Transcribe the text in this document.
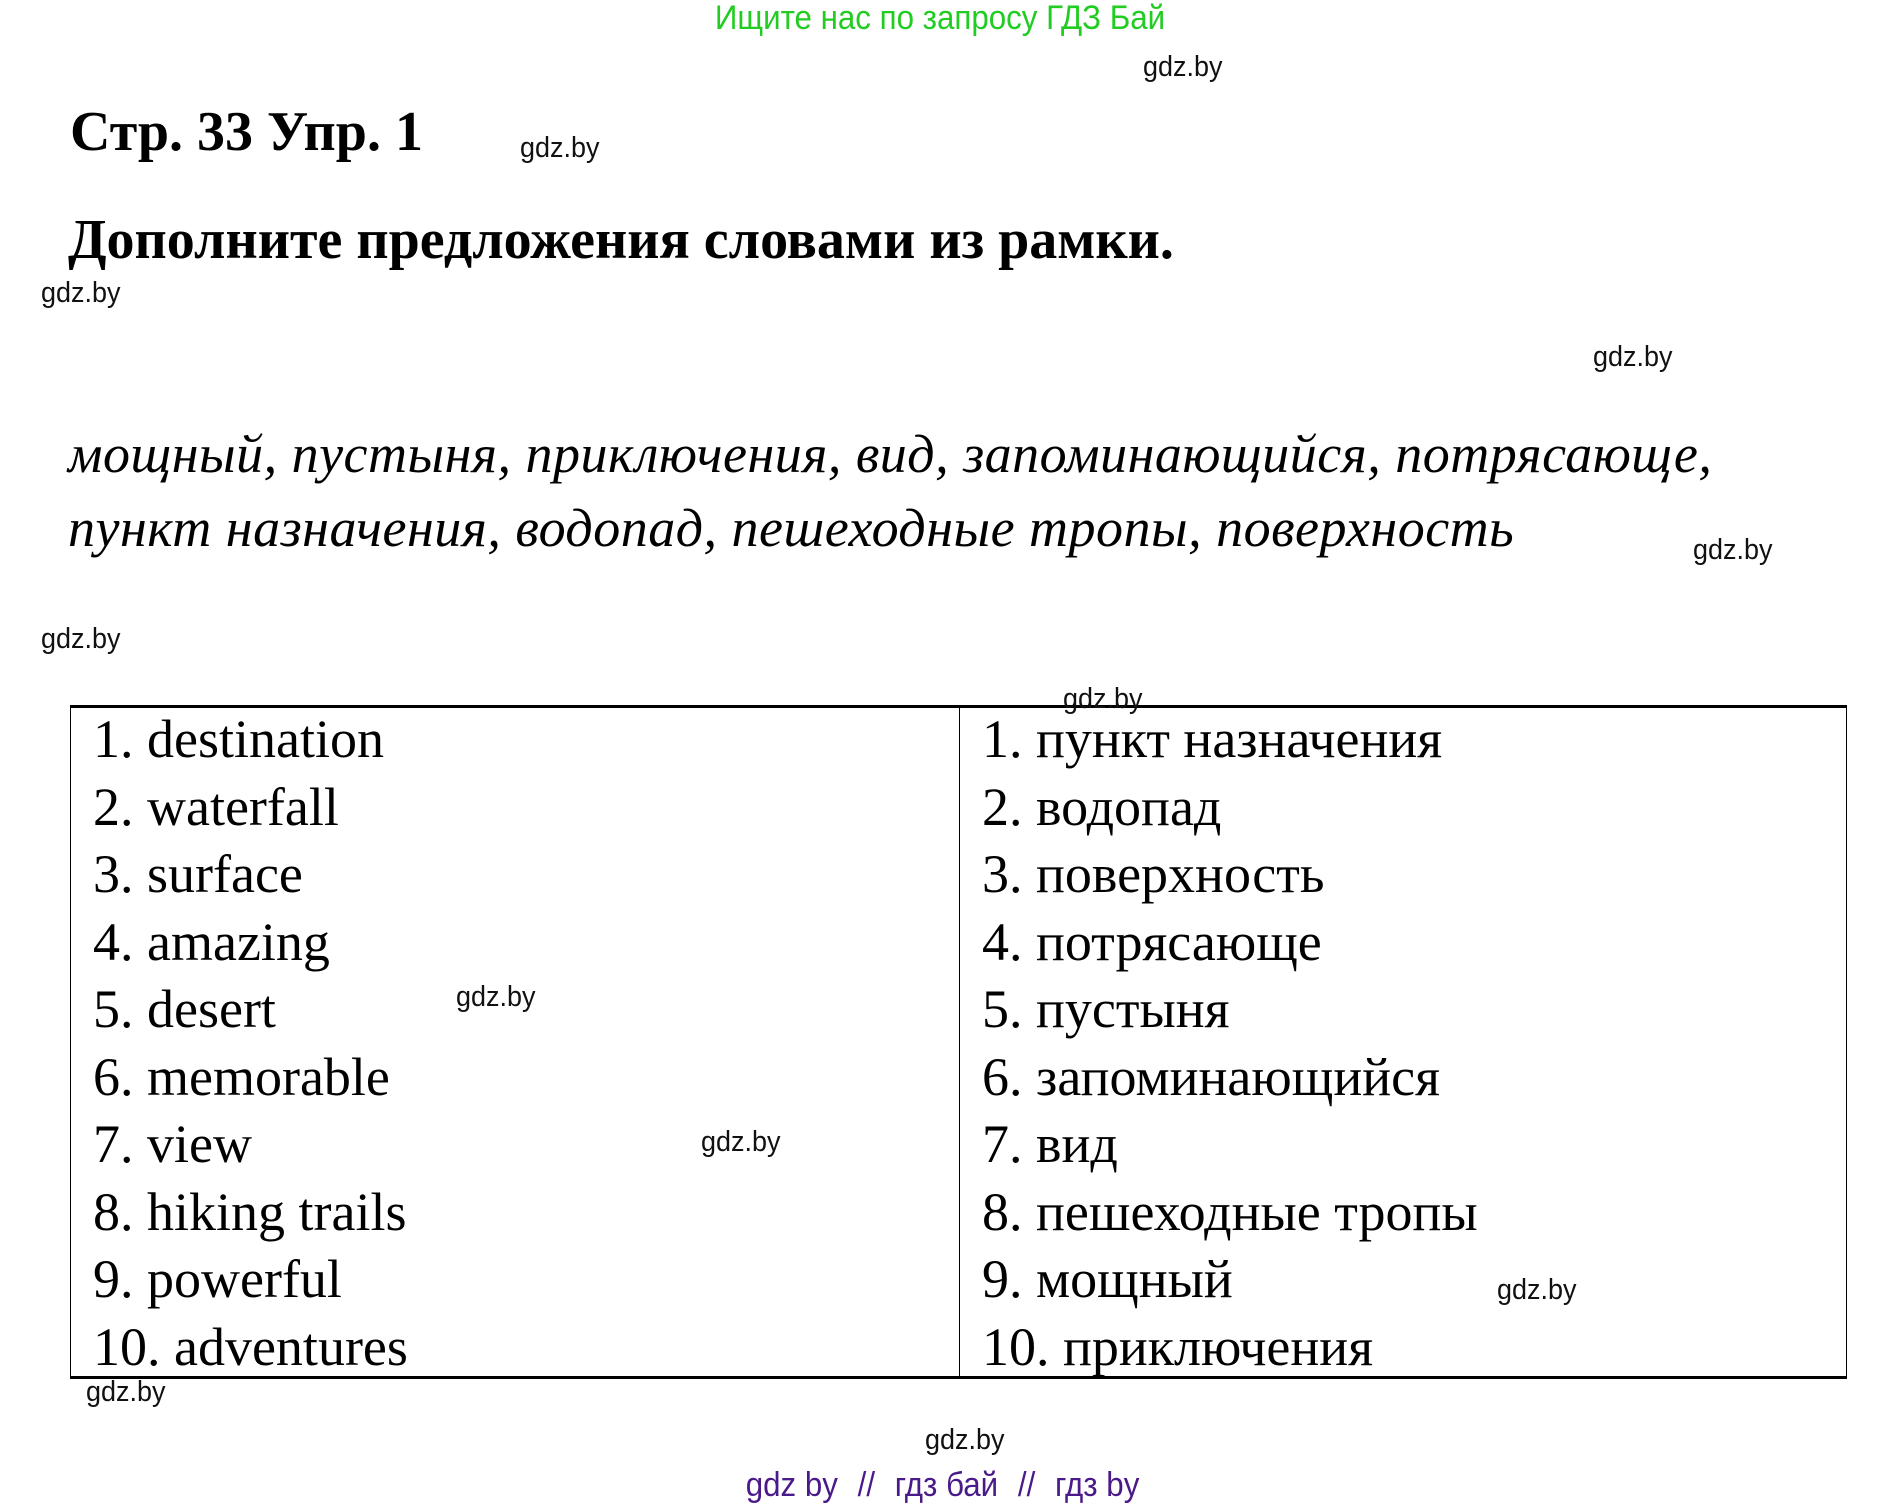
Ищите нас по запросу ГДЗ Бай
gdz.by
gdz.by
gdz.by
gdz.by
gdz.by
gdz.by
gdz.by
gdz.by
gdz.by
gdz.by
gdz.by
gdz.by
Стр. 33 Упр. 1
Дополните предложения словами из рамки.
мощный, пустыня, приключения, вид, запоминающийся, потрясающе,
пункт назначения, водопад, пешеходные тропы, поверхность
1. destination
2. waterfall
3. surface
4. amazing
5. desert
6. memorable
7. view
8. hiking trails
9. powerful
10. adventures
1. пункт назначения
2. водопад
3. поверхность
4. потрясающе
5. пустыня
6. запоминающийся
7. вид
8. пешеходные тропы
9. мощный
10. приключения
gdz by // гдз бай // гдз by
